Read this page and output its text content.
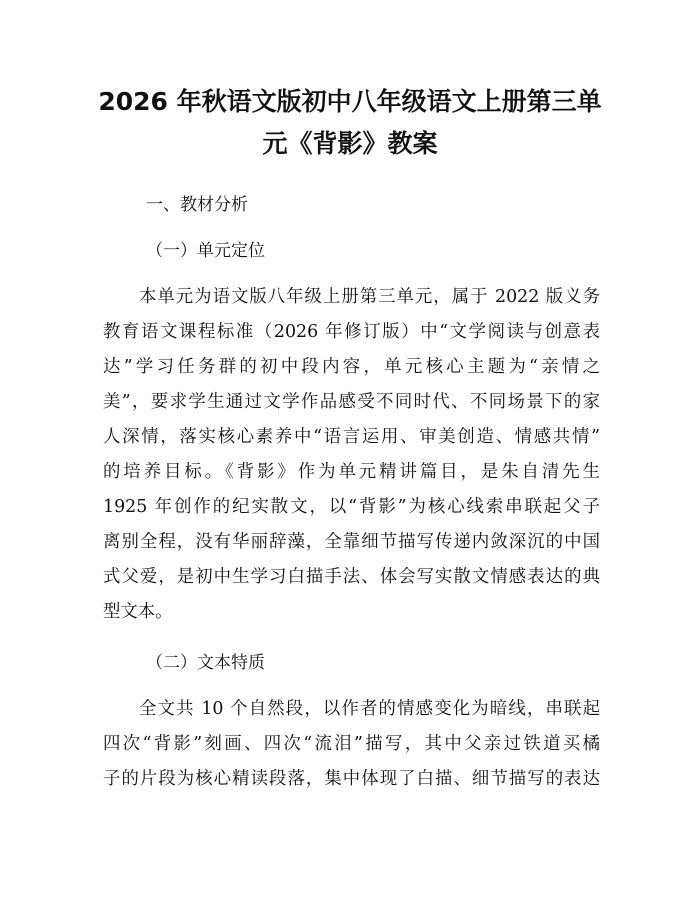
2026 年秋语文版初中八年级语文上册第三单
元《背影》教案
一、教材分析
（一）单元定位
本单元为语文版八年级上册第三单元，属于 2022 版义务
教育语文课程标准（2026 年修订版）中“文学阅读与创意表
达”学习任务群的初中段内容，单元核心主题为“亲情之
美”，要求学生通过文学作品感受不同时代、不同场景下的家
人深情，落实核心素养中“语言运用、审美创造、情感共情”
的培养目标。《背影》作为单元精讲篇目，是朱自清先生
1925 年创作的纪实散文，以“背影”为核心线索串联起父子
离别全程，没有华丽辞藻，全靠细节描写传递内敛深沉的中国
式父爱，是初中生学习白描手法、体会写实散文情感表达的典
型文本。
（二）文本特质
全文共 10 个自然段，以作者的情感变化为暗线，串联起
四次“背影”刻画、四次“流泪”描写，其中父亲过铁道买橘
子的片段为核心精读段落，集中体现了白描、细节描写的表达
